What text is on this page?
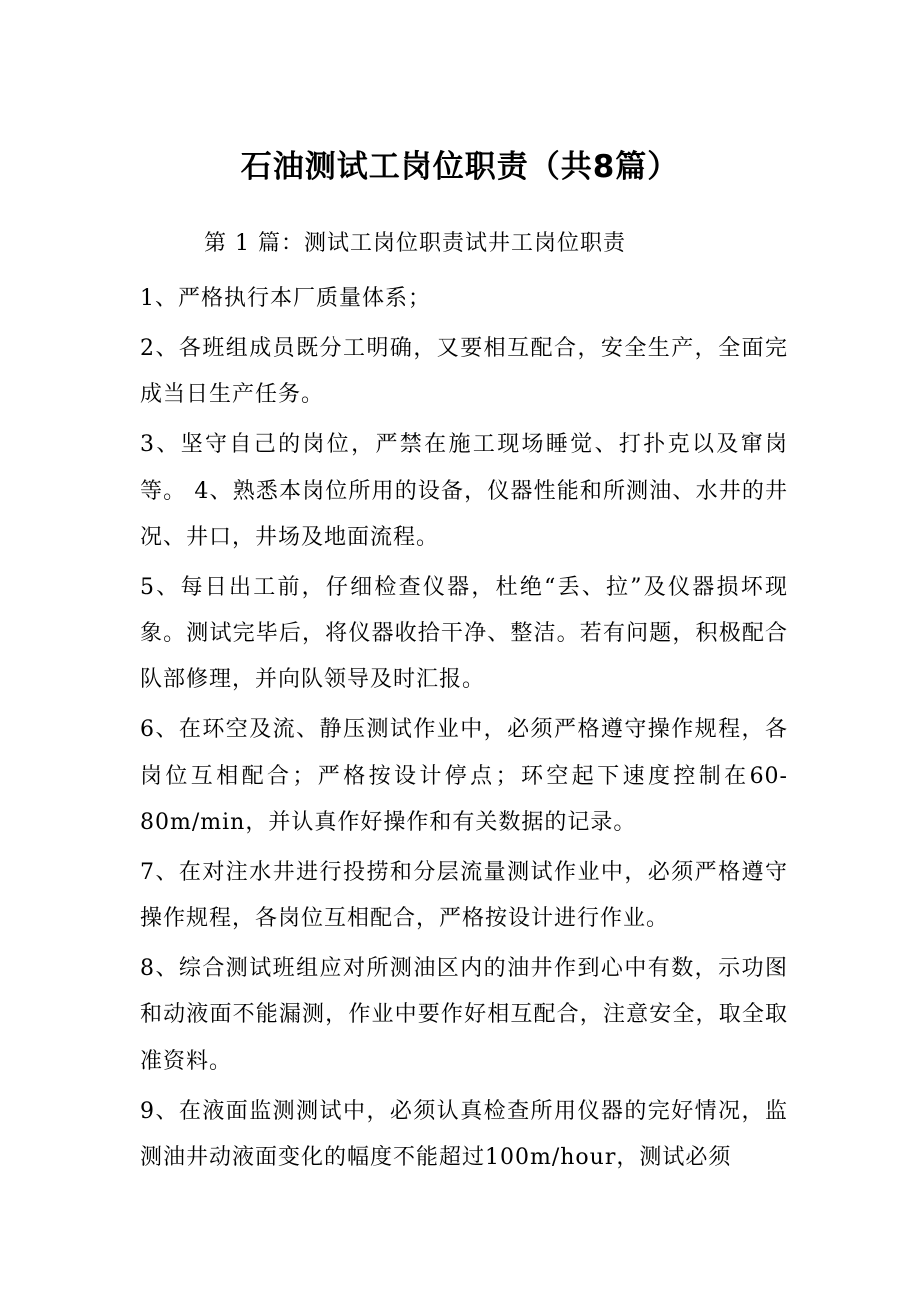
石油测试工岗位职责（共8篇）

第 1 篇：测试工岗位职责试井工岗位职责

1、严格执行本厂质量体系；

2、各班组成员既分工明确，又要相互配合，安全生产，全面完成当日生产任务。

3、坚守自己的岗位，严禁在施工现场睡觉、打扑克以及窜岗等。 4、熟悉本岗位所用的设备，仪器性能和所测油、水井的井况、井口，井场及地面流程。

5、每日出工前，仔细检查仪器，杜绝“丢、拉”及仪器损坏现象。测试完毕后，将仪器收拾干净、整洁。若有问题，积极配合队部修理，并向队领导及时汇报。

6、在环空及流、静压测试作业中，必须严格遵守操作规程，各岗位互相配合；严格按设计停点；环空起下速度控制在60-80m/min，并认真作好操作和有关数据的记录。

7、在对注水井进行投捞和分层流量测试作业中，必须严格遵守操作规程，各岗位互相配合，严格按设计进行作业。

8、综合测试班组应对所测油区内的油井作到心中有数，示功图和动液面不能漏测，作业中要作好相互配合，注意安全，取全取准资料。

9、在液面监测测试中，必须认真检查所用仪器的完好情况，监测油井动液面变化的幅度不能超过100m/hour，测试必须
